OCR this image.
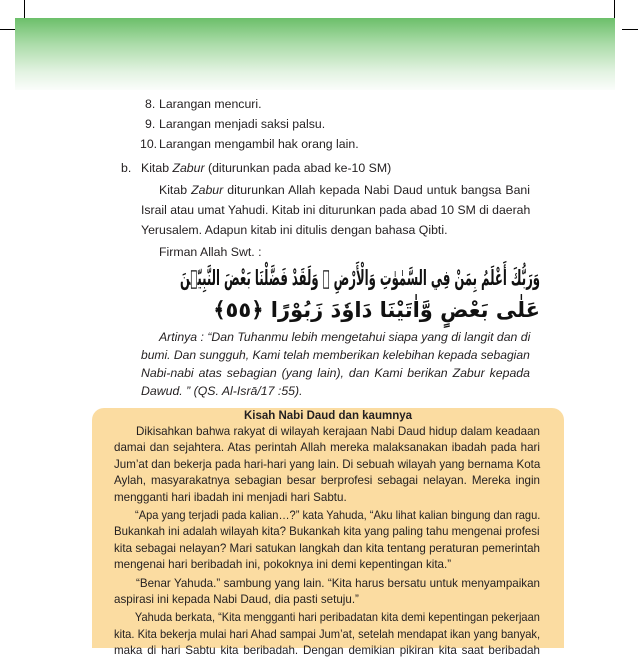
8. Larangan mencuri.
9. Larangan menjadi saksi palsu.
10. Larangan mengambil hak orang lain.
b. Kitab Zabur (diturunkan pada abad ke-10 SM)
Kitab Zabur diturunkan Allah kepada Nabi Daud untuk bangsa Bani
Israil atau umat Yahudi. Kitab ini diturunkan pada abad 10 SM di daerah
Yerusalem. Adapun kitab ini ditulis dengan bahasa Qibti.
Firman Allah Swt. :
وَرَبُّكَ أَعْلَمُ بِمَنْ فِي السَّمٰوٰتِ وَالْأَرْضِ ۗ وَلَقَدْ فَضَّلْنَا بَعْضَ النَّبِيّٖنَ
عَلٰى بَعْضٍ وَّاٰتَيْنَا دَاوٗدَ زَبُوْرًا ﴿٥٥﴾
Artinya : “Dan Tuhanmu lebih mengetahui siapa yang di langit dan di
bumi. Dan sungguh, Kami telah memberikan kelebihan kepada sebagian
Nabi-nabi atas sebagian (yang lain), dan Kami berikan Zabur kepada
Dawud. ” (QS. Al-Isrā/17 :55).
Kisah Nabi Daud dan kaumnya
Dikisahkan bahwa rakyat di wilayah kerajaan Nabi Daud hidup dalam keadaan
damai dan sejahtera. Atas perintah Allah mereka malaksanakan ibadah pada hari
Jum’at dan bekerja pada hari-hari yang lain. Di sebuah wilayah yang bernama Kota
Aylah, masyarakatnya sebagian besar berprofesi sebagai nelayan. Mereka ingin
mengganti hari ibadah ini menjadi hari Sabtu.
“Apa yang terjadi pada kalian…?” kata Yahuda, “Aku lihat kalian bingung dan ragu.
Bukankah ini adalah wilayah kita? Bukankah kita yang paling tahu mengenai profesi
kita sebagai nelayan? Mari satukan langkah dan kita tentang peraturan pemerintah
mengenai hari beribadah ini, pokoknya ini demi kepentingan kita.”
“Benar Yahuda.” sambung yang lain. “Kita harus bersatu untuk menyampaikan
aspirasi ini kepada Nabi Daud, dia pasti setuju.”
Yahuda berkata, “Kita mengganti hari peribadatan kita demi kepentingan pekerjaan
kita. Kita bekerja mulai hari Ahad sampai Jum’at, setelah mendapat ikan yang banyak,
maka di hari Sabtu kita beribadah. Dengan demikian pikiran kita saat beribadah
